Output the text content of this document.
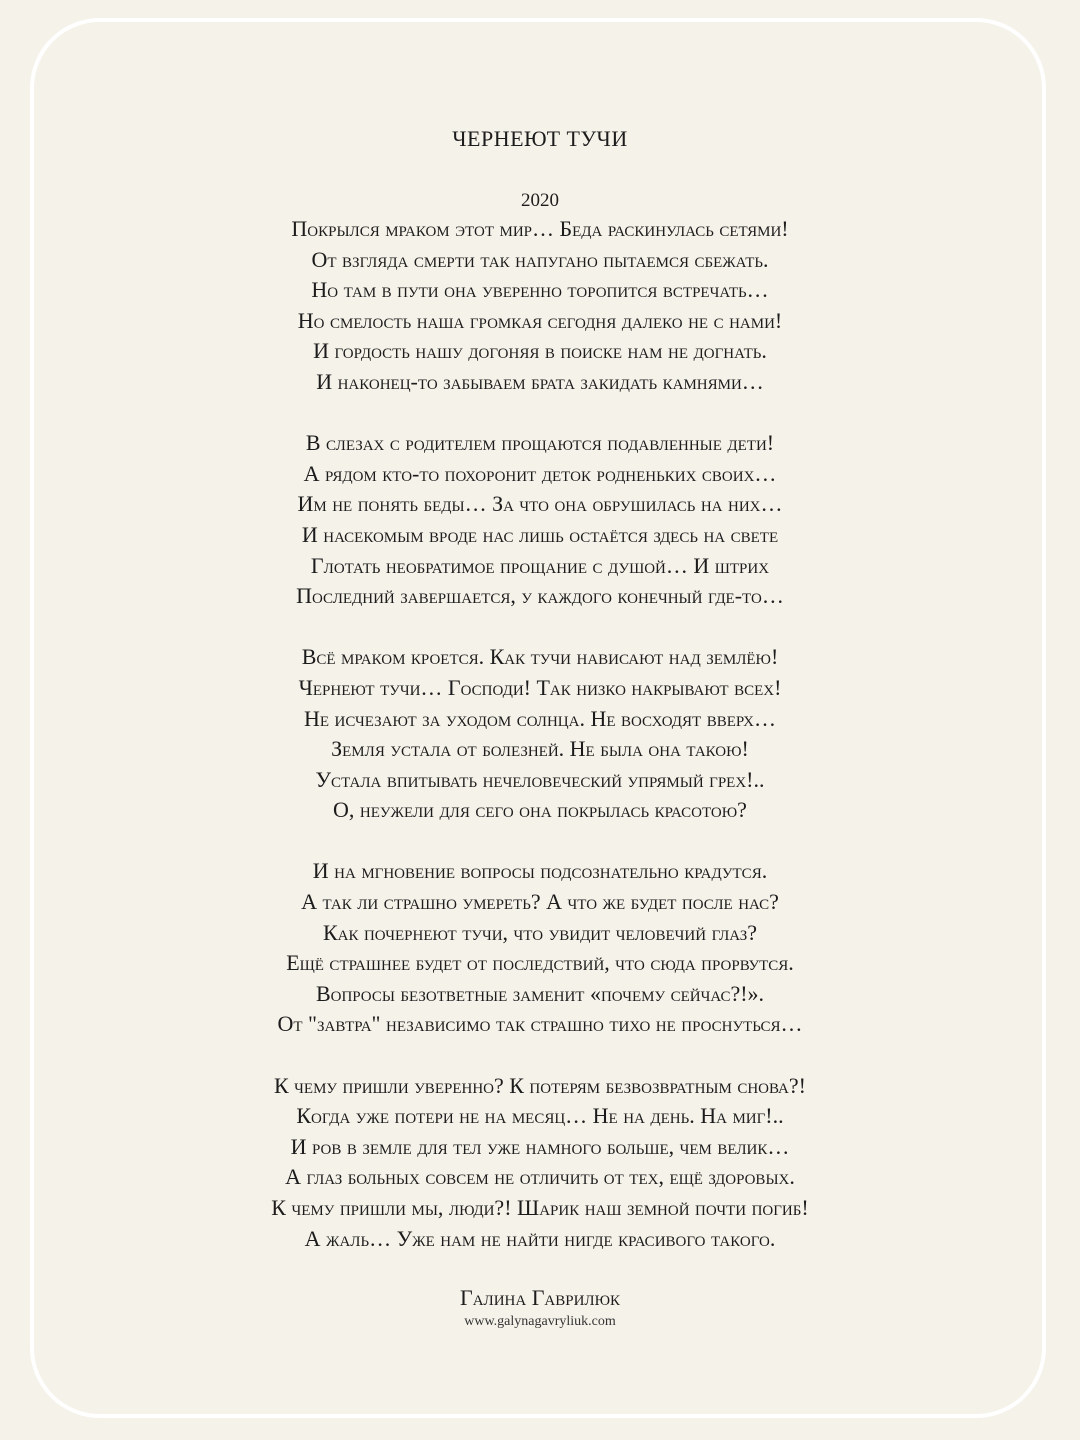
ЧЕРНЕЮТ ТУЧИ
2020
Покрылся мраком этот мир… Беда раскинулась сетями!
От взгляда смерти так напугано пытаемся сбежать.
Но там в пути она уверенно торопится встречать…
Но смелость наша громкая сегодня далеко не с нами!
И гордость нашу догоняя в поиске нам не догнать.
И наконец-то забываем брата закидать камнями…
В слезах с родителем прощаются подавленные дети!
А рядом кто-то похоронит деток родненьких своих…
Им не понять беды… За что она обрушилась на них…
И насекомым вроде нас лишь остаётся здесь на свете
Глотать необратимое прощание с душой… И штрих
Последний завершается, у каждого конечный где-то…
Всё мраком кроется. Как тучи нависают над землёю!
Чернеют тучи… Господи! Так низко накрывают всех!
Не исчезают за уходом солнца. Не восходят вверх…
Земля устала от болезней. Не была она такою!
Устала впитывать нечеловеческий упрямый грех!..
О, неужели для сего она покрылась красотою?
И на мгновение вопросы подсознательно крадутся.
А так ли страшно умереть? А что же будет после нас?
Как почернеют тучи, что увидит человечий глаз?
Ещё страшнее будет от последствий, что сюда прорвутся.
Вопросы безответные заменит «почему сейчас?!».
От "завтра" независимо так страшно тихо не проснуться…
К чему пришли уверенно? К потерям безвозвратным снова?!
Когда уже потери не на месяц… Не на день. На миг!..
И ров в земле для тел уже намного больше, чем велик…
А глаз больных совсем не отличить от тех, ещё здоровых.
К чему пришли мы, люди?! Шарик наш земной почти погиб!
А жаль… Уже нам не найти нигде красивого такого.
Галина Гаврилюк
www.galynagavryliuk.com
